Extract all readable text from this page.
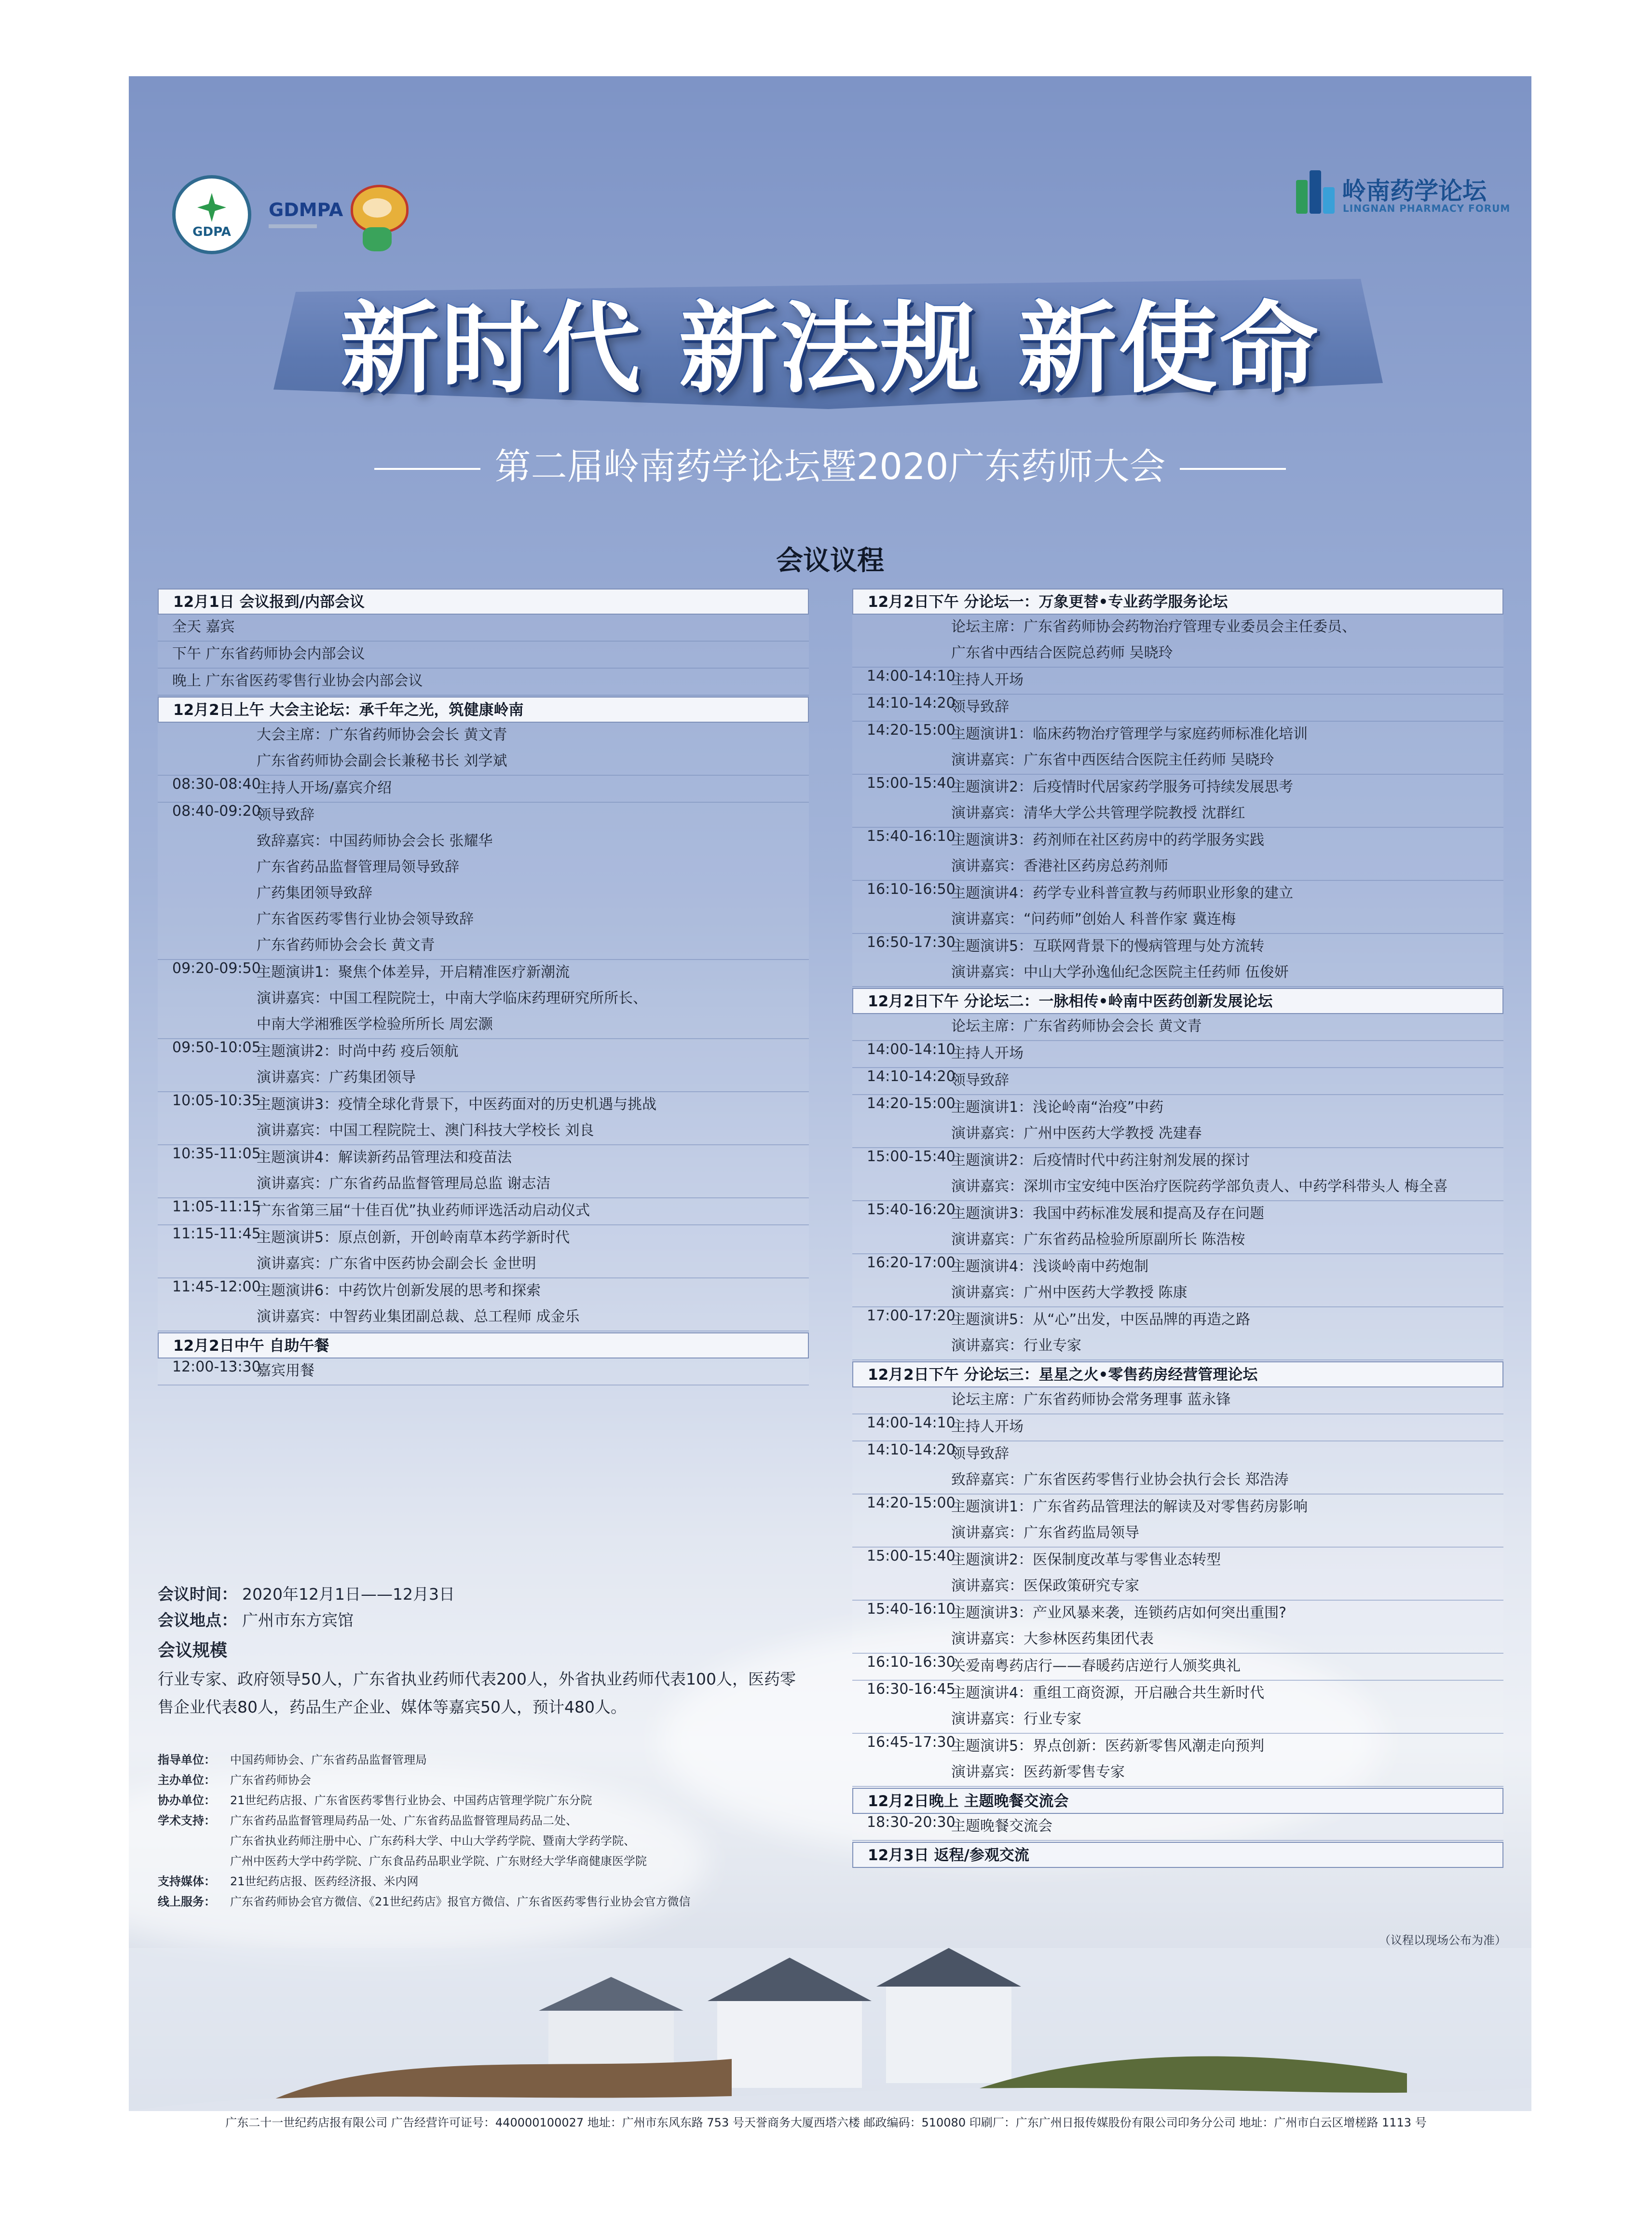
GDPA
GDMPA
岭南药学论坛
LINGNAN PHARMACY FORUM
新时代 新法规 新使命
第二届岭南药学论坛暨2020广东药师大会
会议议程
12月1日 会议报到/内部会议
全天 嘉宾
下午 广东省药师协会内部会议
晚上 广东省医药零售行业协会内部会议
12月2日上午 大会主论坛：承千年之光，筑健康岭南
大会主席：广东省药师协会会长 黄文青
广东省药师协会副会长兼秘书长 刘学斌
08:30-08:40
主持人开场/嘉宾介绍
08:40-09:20
领导致辞
致辞嘉宾：中国药师协会会长 张耀华
广东省药品监督管理局领导致辞
广药集团领导致辞
广东省医药零售行业协会领导致辞
广东省药师协会会长 黄文青
09:20-09:50
主题演讲1：聚焦个体差异，开启精准医疗新潮流
演讲嘉宾：中国工程院院士，中南大学临床药理研究所所长、
中南大学湘雅医学检验所所长 周宏灏
09:50-10:05
主题演讲2：时尚中药 疫后领航
演讲嘉宾：广药集团领导
10:05-10:35
主题演讲3：疫情全球化背景下，中医药面对的历史机遇与挑战
演讲嘉宾：中国工程院院士、澳门科技大学校长 刘良
10:35-11:05
主题演讲4：解读新药品管理法和疫苗法
演讲嘉宾：广东省药品监督管理局总监 谢志洁
11:05-11:15
广东省第三届“十佳百优”执业药师评选活动启动仪式
11:15-11:45
主题演讲5：原点创新，开创岭南草本药学新时代
演讲嘉宾：广东省中医药协会副会长 金世明
11:45-12:00
主题演讲6：中药饮片创新发展的思考和探索
演讲嘉宾：中智药业集团副总裁、总工程师 成金乐
12月2日中午 自助午餐
12:00-13:30
嘉宾用餐
12月2日下午 分论坛一：万象更替•专业药学服务论坛
论坛主席：广东省药师协会药物治疗管理专业委员会主任委员、
广东省中西结合医院总药师 吴晓玲
14:00-14:10
主持人开场
14:10-14:20
领导致辞
14:20-15:00
主题演讲1：临床药物治疗管理学与家庭药师标准化培训
演讲嘉宾：广东省中西医结合医院主任药师 吴晓玲
15:00-15:40
主题演讲2：后疫情时代居家药学服务可持续发展思考
演讲嘉宾：清华大学公共管理学院教授 沈群红
15:40-16:10
主题演讲3：药剂师在社区药房中的药学服务实践
演讲嘉宾：香港社区药房总药剂师
16:10-16:50
主题演讲4：药学专业科普宣教与药师职业形象的建立
演讲嘉宾：“问药师”创始人 科普作家 冀连梅
16:50-17:30
主题演讲5：互联网背景下的慢病管理与处方流转
演讲嘉宾：中山大学孙逸仙纪念医院主任药师 伍俊妍
12月2日下午 分论坛二：一脉相传•岭南中医药创新发展论坛
论坛主席：广东省药师协会会长 黄文青
14:00-14:10
主持人开场
14:10-14:20
领导致辞
14:20-15:00
主题演讲1：浅论岭南“治疫”中药
演讲嘉宾：广州中医药大学教授 冼建春
15:00-15:40
主题演讲2：后疫情时代中药注射剂发展的探讨
演讲嘉宾：深圳市宝安纯中医治疗医院药学部负责人、中药学科带头人 梅全喜
15:40-16:20
主题演讲3：我国中药标准发展和提高及存在问题
演讲嘉宾：广东省药品检验所原副所长 陈浩桉
16:20-17:00
主题演讲4：浅谈岭南中药炮制
演讲嘉宾：广州中医药大学教授 陈康
17:00-17:20
主题演讲5：从“心”出发，中医品牌的再造之路
演讲嘉宾：行业专家
12月2日下午 分论坛三：星星之火•零售药房经营管理论坛
论坛主席：广东省药师协会常务理事 蓝永锋
14:00-14:10
主持人开场
14:10-14:20
领导致辞
致辞嘉宾：广东省医药零售行业协会执行会长 郑浩涛
14:20-15:00
主题演讲1：广东省药品管理法的解读及对零售药房影响
演讲嘉宾：广东省药监局领导
15:00-15:40
主题演讲2：医保制度改革与零售业态转型
演讲嘉宾：医保政策研究专家
15:40-16:10
主题演讲3：产业风暴来袭，连锁药店如何突出重围?
演讲嘉宾：大参林医药集团代表
16:10-16:30
关爱南粤药店行——春暖药店逆行人颁奖典礼
16:30-16:45
主题演讲4：重组工商资源，开启融合共生新时代
演讲嘉宾：行业专家
16:45-17:30
主题演讲5：界点创新：医药新零售风潮走向预判
演讲嘉宾：医药新零售专家
12月2日晚上 主题晚餐交流会
18:30-20:30
主题晚餐交流会
12月3日 返程/参观交流
会议时间： 2020年12月1日——12月3日
会议地点： 广州市东方宾馆
会议规模
行业专家、政府领导50人，广东省执业药师代表200人，外省执业药师代表100人，医药零售企业代表80人，药品生产企业、媒体等嘉宾50人，预计480人。
指导单位： 中国药师协会、广东省药品监督管理局
主办单位： 广东省药师协会
协办单位： 21世纪药店报、广东省医药零售行业协会、中国药店管理学院广东分院
学术支持： 广东省药品监督管理局药品一处、广东省药品监督管理局药品二处、
广东省执业药师注册中心、广东药科大学、中山大学药学院、暨南大学药学院、
广州中医药大学中药学院、广东食品药品职业学院、广东财经大学华商健康医学院
支持媒体： 21世纪药店报、医药经济报、米内网
线上服务： 广东省药师协会官方微信、《21世纪药店》报官方微信、广东省医药零售行业协会官方微信
（议程以现场公布为准）
广东二十一世纪药店报有限公司 广告经营许可证号：440000100027 地址：广州市东风东路 753 号天誉商务大厦西塔六楼 邮政编码：510080 印刷厂：广东广州日报传媒股份有限公司印务分公司 地址：广州市白云区增槎路 1113 号
